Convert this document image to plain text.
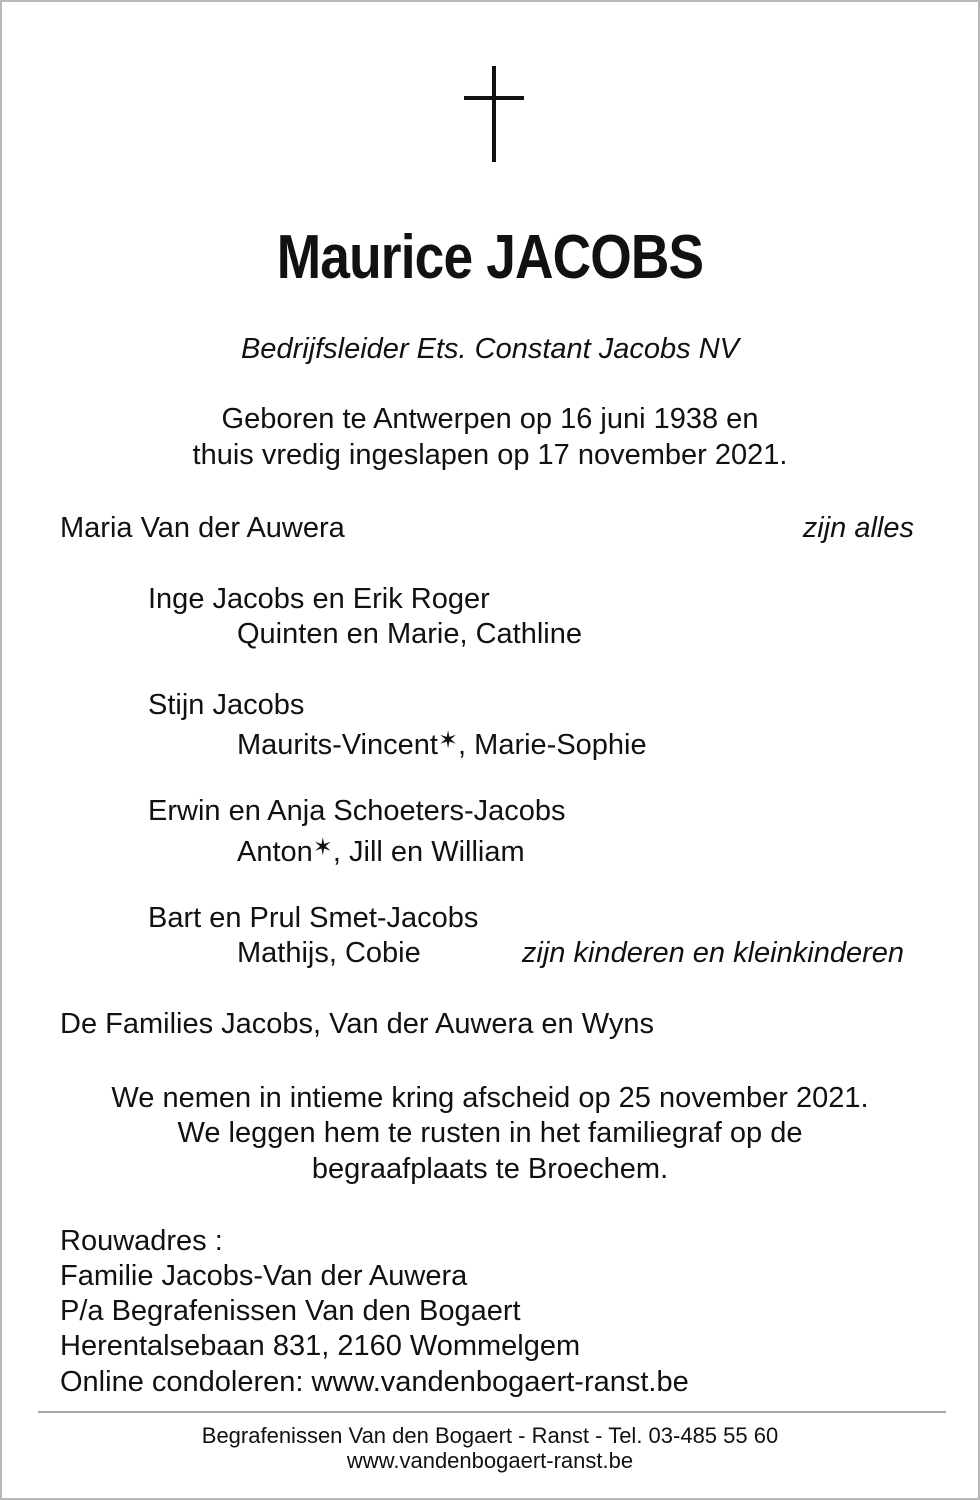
Maurice JACOBS
Bedrijfsleider Ets. Constant Jacobs NV
Geboren te Antwerpen op 16 juni 1938 en
thuis vredig ingeslapen op 17 november 2021.
Maria Van der Auwera	zijn alles
Inge Jacobs en Erik Roger
Quinten en Marie, Cathline
Stijn Jacobs
Maurits-Vincent✶, Marie-Sophie
Erwin en Anja Schoeters-Jacobs
Anton✶, Jill en William
Bart en Prul Smet-Jacobs
Mathijs, Cobie	zijn kinderen en kleinkinderen
De Families Jacobs, Van der Auwera en Wyns
We nemen in intieme kring afscheid op 25 november 2021.
We leggen hem te rusten in het familiegraf op de
begraafplaats te Broechem.
Rouwadres :
Familie Jacobs-Van der Auwera
P/a Begrafenissen Van den Bogaert
Herentalsebaan 831, 2160 Wommelgem
Online condoleren: www.vandenbogaert-ranst.be
Begrafenissen Van den Bogaert - Ranst - Tel. 03-485 55 60
www.vandenbogaert-ranst.be
